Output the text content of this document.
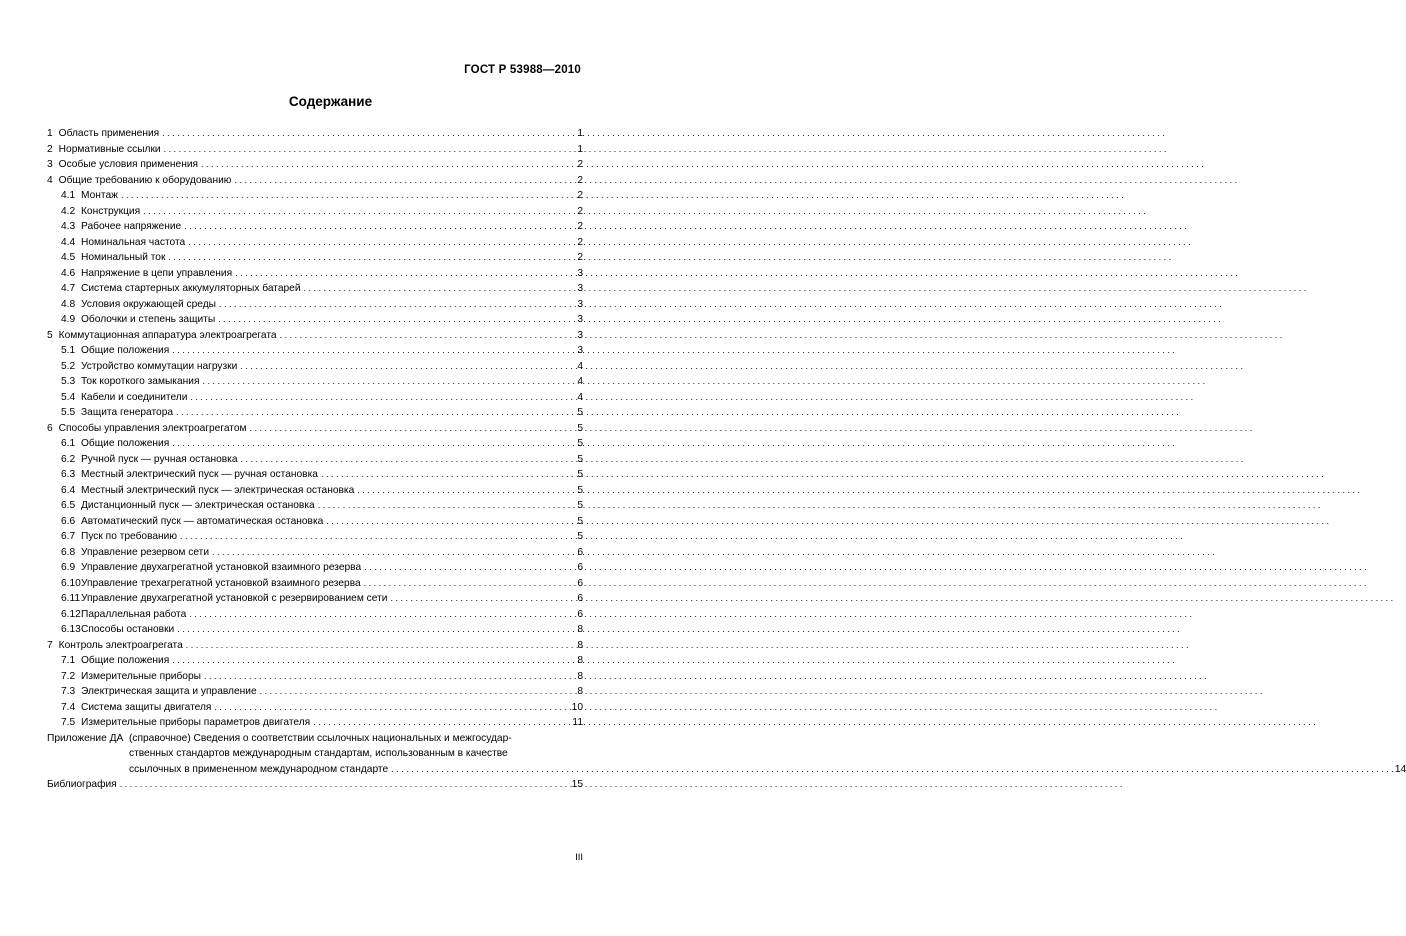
ГОСТ Р 53988—2010
Содержание
1 Область применения . . .	1
2 Нормативные ссылки . . .	1
3 Особые условия применения . . .	2
4 Общие требованию к оборудованию . . .	2
4.1 Монтаж . . .	2
4.2 Конструкция . . .	2
4.3 Рабочее напряжение . . .	2
4.4 Номинальная частота . . .	2
4.5 Номинальный ток . . .	2
4.6 Напряжение в цепи управления . . .	3
4.7 Система стартерных аккумуляторных батарей . . .	3
4.8 Условия окружающей среды . . .	3
4.9 Оболочки и степень защиты . . .	3
5 Коммутационная аппаратура электроагрегата . . .	3
5.1 Общие положения . . .	3
5.2 Устройство коммутации нагрузки . . .	4
5.3 Ток короткого замыкания . . .	4
5.4 Кабели и соединители . . .	4
5.5 Защита генератора . . .	5
6 Способы управления электроагрегатом . . .	5
6.1 Общие положения . . .	5
6.2 Ручной пуск — ручная остановка . . .	5
6.3 Местный электрический пуск — ручная остановка . . .	5
6.4 Местный электрический пуск — электрическая остановка . . .	5
6.5 Дистанционный пуск — электрическая остановка . . .	5
6.6 Автоматический пуск — автоматическая остановка . . .	5
6.7 Пуск по требованию . . .	5
6.8 Управление резервом сети . . .	6
6.9 Управление двухагрегатной установкой взаимного резерва . . .	6
6.10 Управление трехагрегатной установкой взаимного резерва . . .	6
6.11 Управление двухагрегатной установкой с резервированием сети . . .	6
6.12 Параллельная работа . . .	6
6.13 Способы остановки . . .	8
7 Контроль электроагрегата . . .	8
7.1 Общие положения . . .	8
7.2 Измерительные приборы . . .	8
7.3 Электрическая защита и управление . . .	8
7.4 Система защиты двигателя . . .	10
7.5 Измерительные приборы параметров двигателя . . .	11
Приложение ДА (справочное) Сведения о соответствии ссылочных национальных и межгосудар-
ственных стандартов международным стандартам, использованным в качестве
ссылочных в примененном международном стандарте . . .	14
Библиография . . .	15
III
